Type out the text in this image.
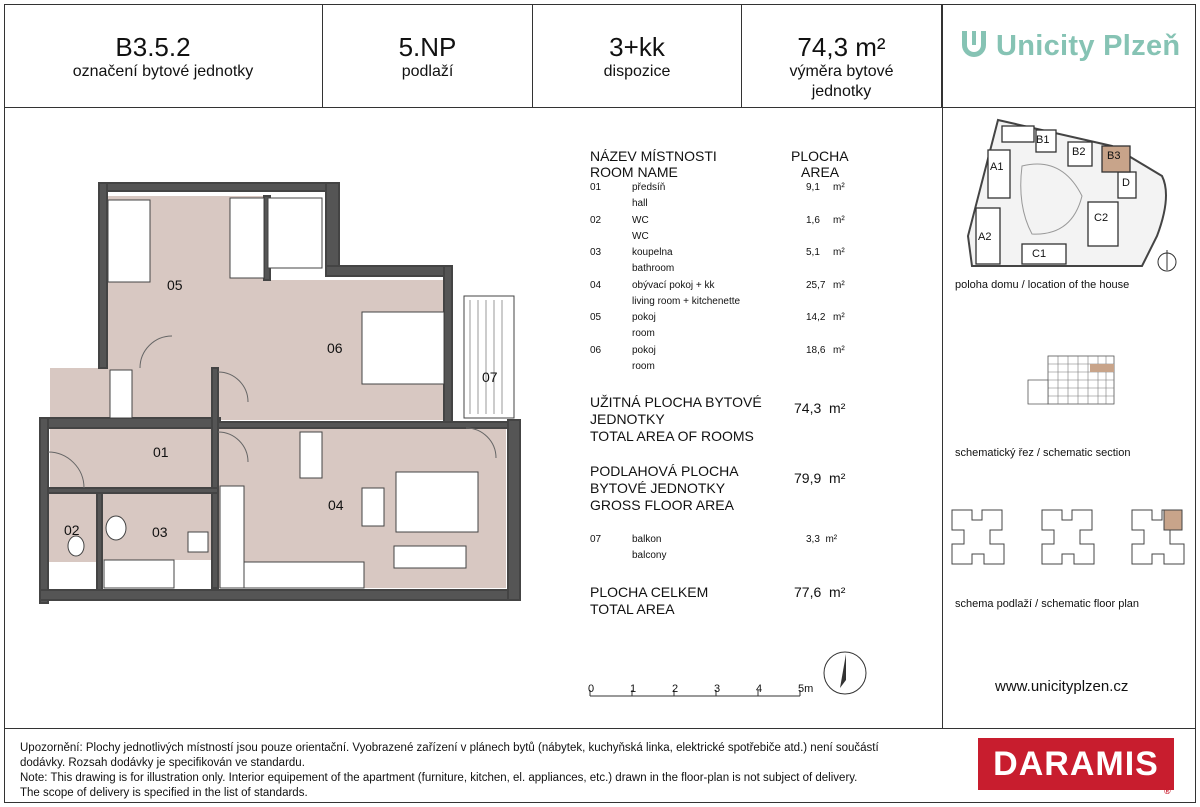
B3.5.2
označení bytové jednotky
5.NP
podlaží
3+kk
dispozice
74,3 m²
výměra bytové
jednotky
Unicity Plzeň
05
06
07
01
04
02	03
NÁZEV MÍSTNOSTI
ROOM NAME
PLOCHA
AREA
01	předsíň
hall
9,1 m²
02	WC
WC
1,6 m²
03	koupelna
bathroom
5,1 m²
04	obývací pokoj + kk
living room + kitchenette
25,7 m²
05	pokoj
room
14,2 m²
06	pokoj
room
18,6 m²
UŽITNÁ PLOCHA BYTOVÉ
JEDNOTKY
TOTAL AREA OF ROOMS
74,3 m²
PODLAHOVÁ PLOCHA
BYTOVÉ JEDNOTKY
GROSS FLOOR AREA
79,9 m²
07	balkon
balcony
3,3 m²
PLOCHA CELKEM
TOTAL AREA
77,6 m²
0	1	2	3	4	5m
A1
A2
B1
B2 B3
C1
C2
D
poloha domu / location of the house
schematický řez / schematic section
schema podlaží / schematic floor plan
www.unicityplzen.cz
Upozornění: Plochy jednotlivých místností jsou pouze orientační. Vyobrazené zařízení v plánech bytů (nábytek, kuchyňská linka, elektrické spotřebiče atd.) není součástí
dodávky. Rozsah dodávky je specifikován ve standardu.
Note: This drawing is for illustration only. Interior equipement of the apartment (furniture, kitchen, el. appliances, etc.) drawn in the floor-plan is not subject of delivery.
The scope of delivery is specified in the list of standards.
DARAMIS
®
